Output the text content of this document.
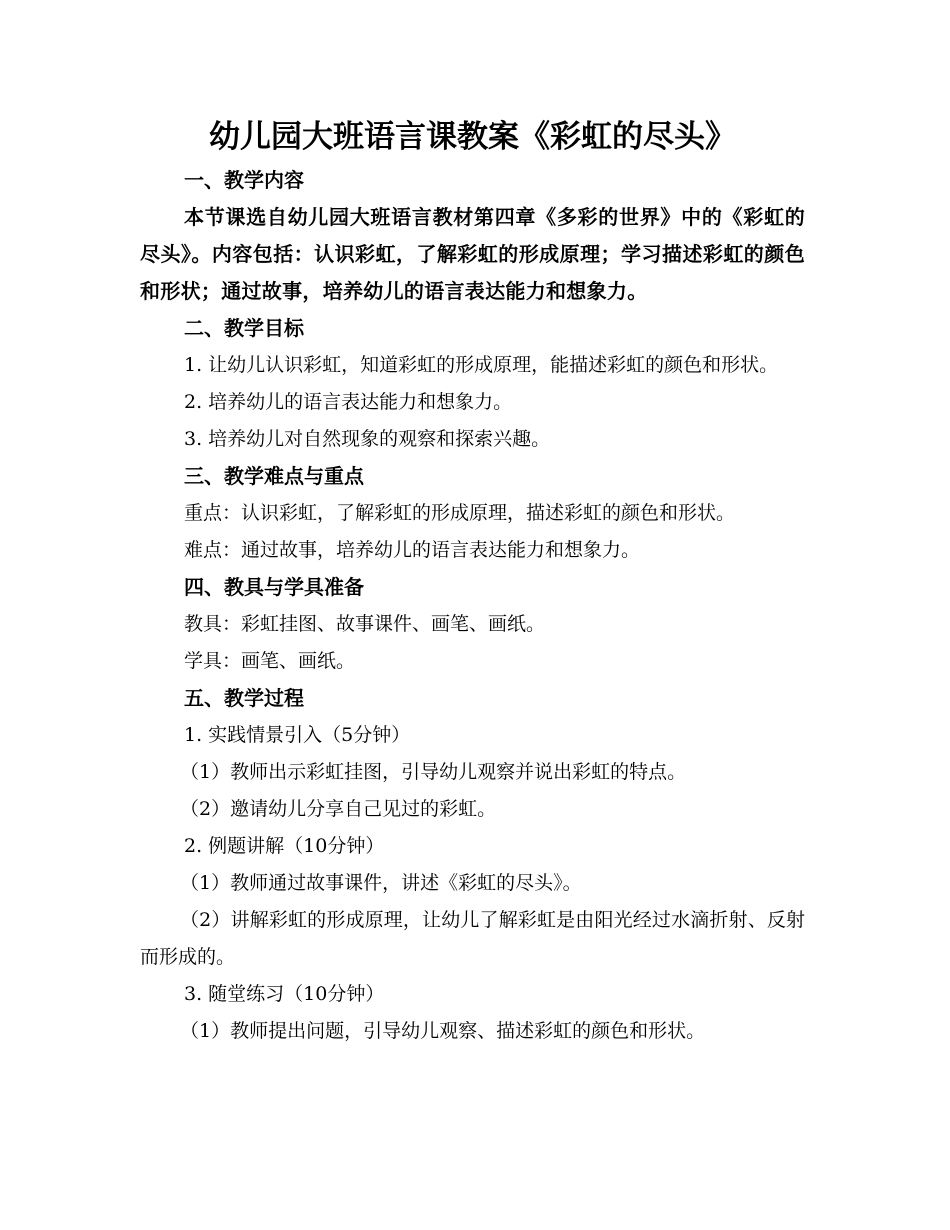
幼儿园大班语言课教案《彩虹的尽头》
一、教学内容

本节课选自幼儿园大班语言教材第四章《多彩的世界》中的《彩虹的尽头》。内容包括：认识彩虹，了解彩虹的形成原理；学习描述彩虹的颜色和形状；通过故事，培养幼儿的语言表达能力和想象力。

二、教学目标

1. 让幼儿认识彩虹，知道彩虹的形成原理，能描述彩虹的颜色和形状。

2. 培养幼儿的语言表达能力和想象力。

3. 培养幼儿对自然现象的观察和探索兴趣。

三、教学难点与重点

重点：认识彩虹，了解彩虹的形成原理，描述彩虹的颜色和形状。

难点：通过故事，培养幼儿的语言表达能力和想象力。

四、教具与学具准备

教具：彩虹挂图、故事课件、画笔、画纸。

学具：画笔、画纸。

五、教学过程

1. 实践情景引入（5分钟）

（1）教师出示彩虹挂图，引导幼儿观察并说出彩虹的特点。

（2）邀请幼儿分享自己见过的彩虹。

2. 例题讲解（10分钟）

（1）教师通过故事课件，讲述《彩虹的尽头》。

（2）讲解彩虹的形成原理，让幼儿了解彩虹是由阳光经过水滴折射、反射而形成的。

3. 随堂练习（10分钟）

（1）教师提出问题，引导幼儿观察、描述彩虹的颜色和形状。
